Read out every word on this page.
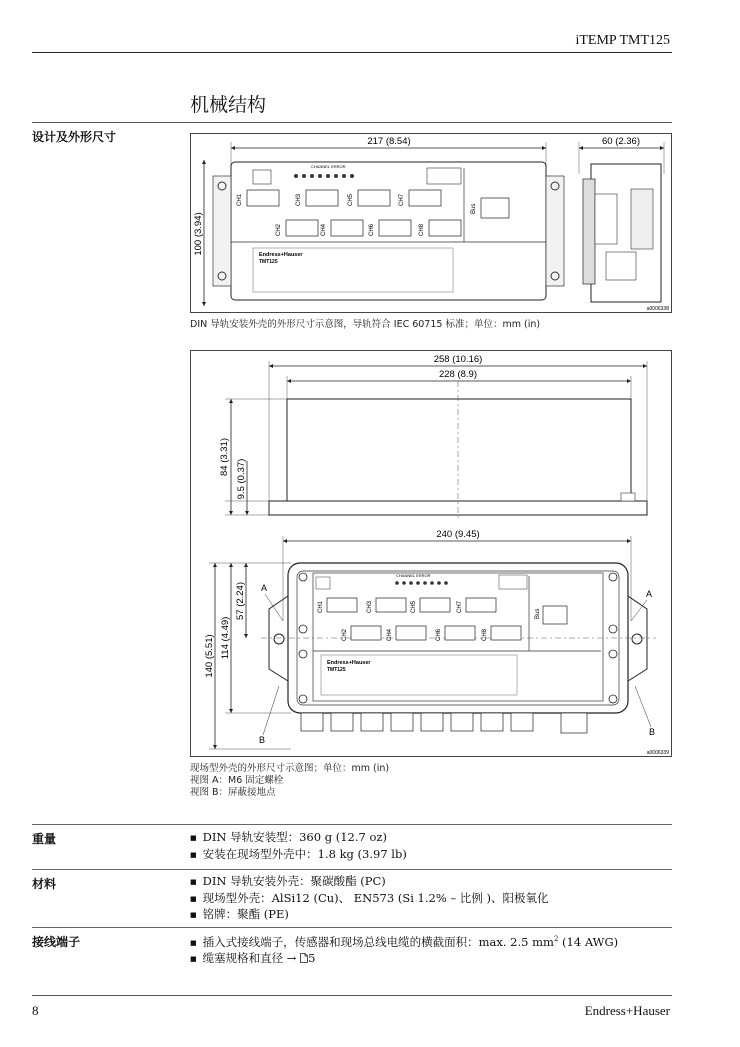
iTEMP TMT125
机械结构
设计及外形尺寸	217 (8.54)
100 (3.94)
CHANNEL ERROR
CH1	CH3	CH5	CH7
CH2	CH4	CH6	CH8
Bus
Endress+Hauser
TMT125
60 (2.36)
a0006338
DIN 导轨安装外壳的外形尺寸示意图，导轨符合 IEC 60715 标准；单位：mm (in)
258 (10.16)
228 (8.9)
84 (3.31)
9.5 (0.37)
240 (9.45)
140 (5.51) 114 (4.49)
57 (2.24)
CHANNEL ERROR
CH1	CH3	CH5	CH7
CH2	CH4	CH6	CH8
Bus
Endress+Hauser
TMT125
A
A
B
B
a0006339
现场型外壳的外形尺寸示意图；单位：mm (in)
视图 A：M6 固定螺栓
视图 B：屏蔽接地点
重量	■ DIN 导轨安装型：360 g (12.7 oz)
■ 安装在现场型外壳中：1.8 kg (3.97 lb)
材料	■ DIN 导轨安装外壳：聚碳酸酯 (PC)
■ 现场型外壳：AlSi12 (Cu)、 EN573 (Si 1.2% – 比例 )、阳极氧化
■ 铭牌：聚酯 (PE)
接线端子	■ 插入式接线端子，传感器和现场总线电缆的横截面积：max. 2.5 $mm^2$ (14 AWG)
■ 缆塞规格和直径 → 5
8	Endress+Hauser
